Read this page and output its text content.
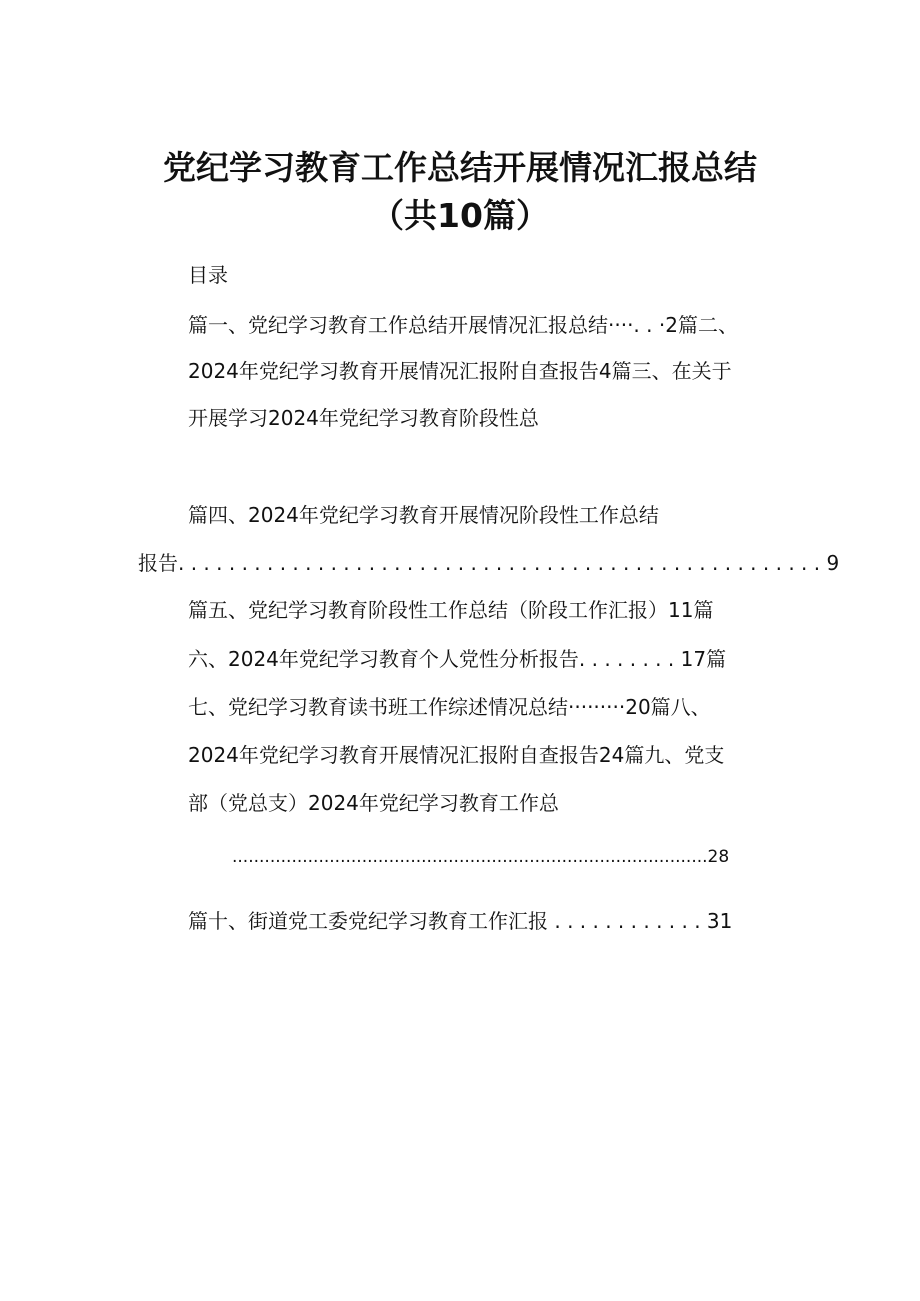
党纪学习教育工作总结开展情况汇报总结
（共10篇）
目录
篇一、党纪学习教育工作总结开展情况汇报总结····. . ·2篇二、
2024年党纪学习教育开展情况汇报附自查报告4篇三、在关于
开展学习2024年党纪学习教育阶段性总
篇四、2024年党纪学习教育开展情况阶段性工作总结
报告. . . . . . . . . . . . . . . . . . . . . . . . . . . . . . . . . . . . . . . . . . . . . . . . . . . 9
篇五、党纪学习教育阶段性工作总结（阶段工作汇报）11篇
六、2024年党纪学习教育个人党性分析报告. . . . . . . . 17篇
七、党纪学习教育读书班工作综述情况总结·········20篇八、
2024年党纪学习教育开展情况汇报附自查报告24篇九、党支
部（党总支）2024年党纪学习教育工作总
........................................................................................28
篇十、街道党工委党纪学习教育工作汇报 . . . . . . . . . . . . 31
